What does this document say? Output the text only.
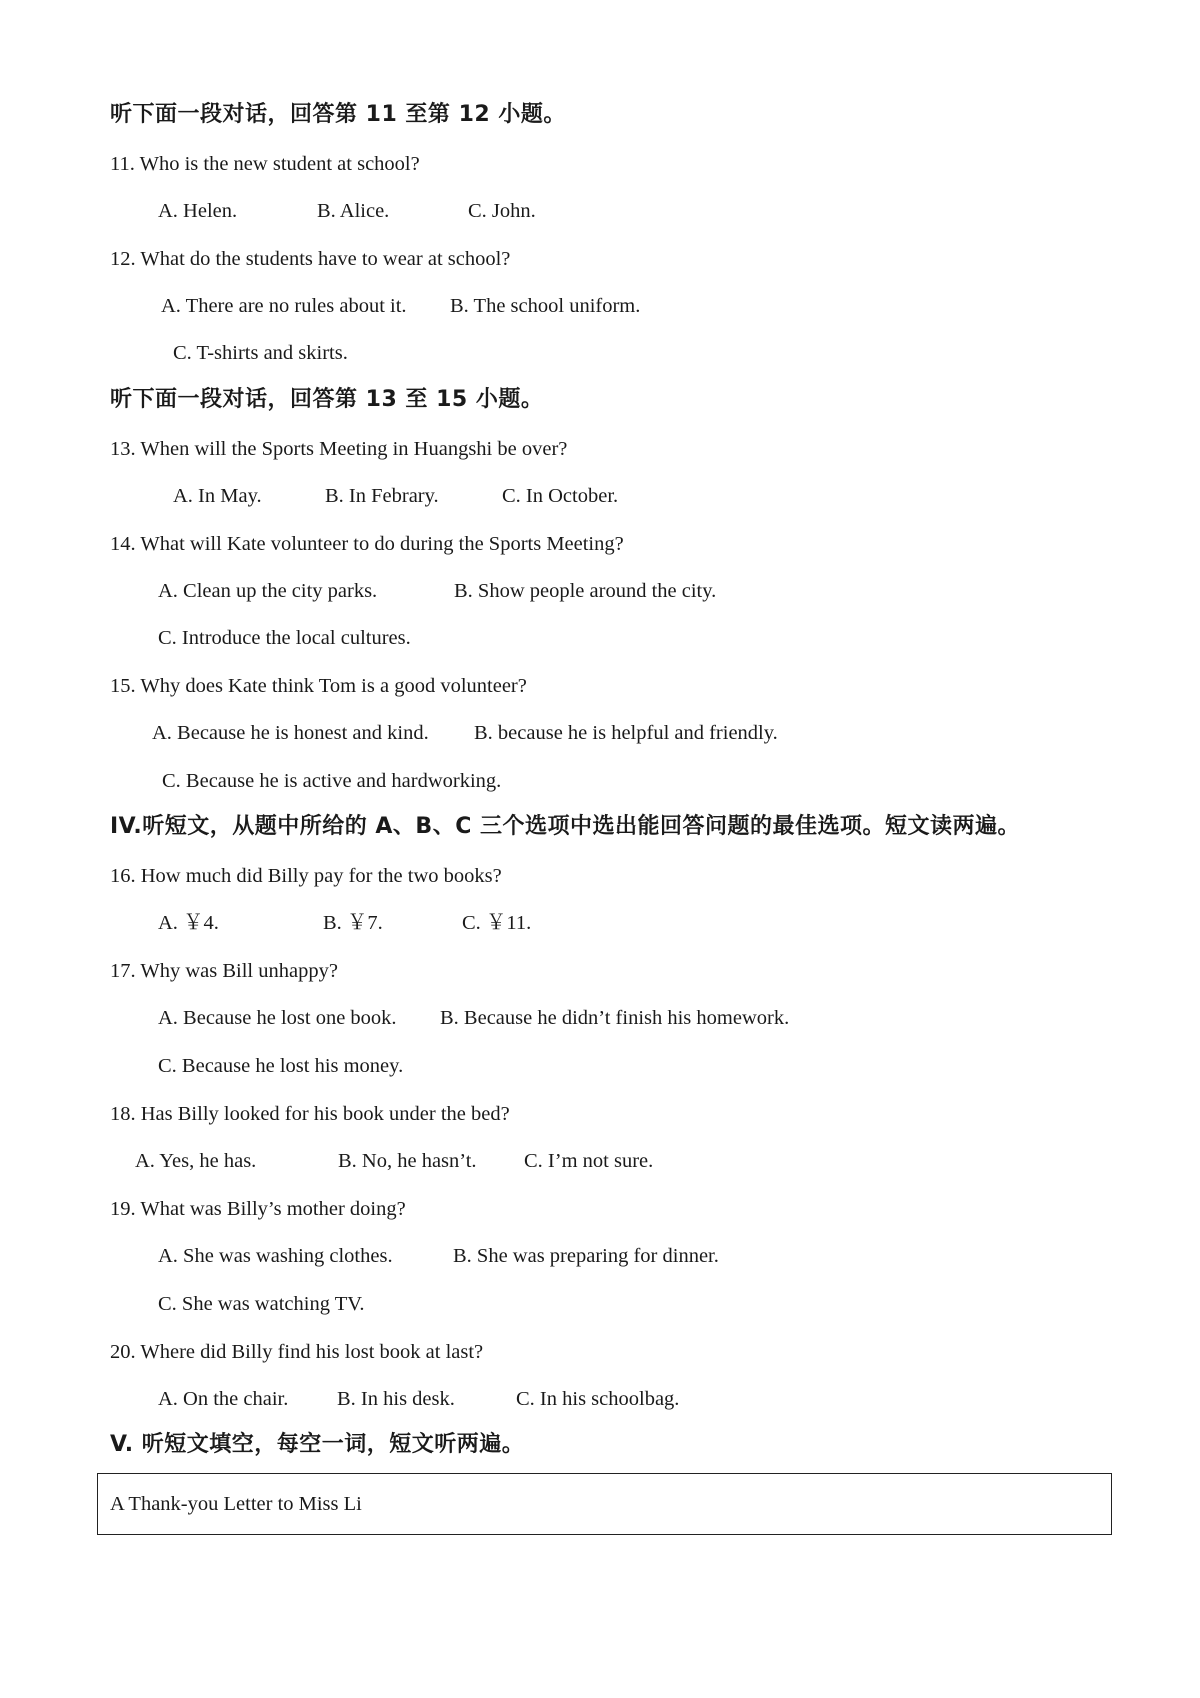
听下面一段对话，回答第 11 至第 12 小题。
11. Who is the new student at school?
A. Helen.	B. Alice.	C. John.
12. What do the students have to wear at school?
A. There are no rules about it. B. The school uniform.
C. T-shirts and skirts.
听下面一段对话，回答第 13 至 15 小题。
13. When will the Sports Meeting in Huangshi be over?
A. In May.	B. In Febrary.	C. In October.
14. What will Kate volunteer to do during the Sports Meeting?
A. Clean up the city parks.	B. Show people around the city.
C. Introduce the local cultures.
15. Why does Kate think Tom is a good volunteer?
A. Because he is honest and kind. B. because he is helpful and friendly.
C. Because he is active and hardworking.
IV.听短文，从题中所给的 A、B、C 三个选项中选出能回答问题的最佳选项。短文读两遍。
16. How much did Billy pay for the two books?
A. ￥4.	B. ￥7.	C. ￥11.
17. Why was Bill unhappy?
A. Because he lost one book. B. Because he didn’t finish his homework.
C. Because he lost his money.
18. Has Billy looked for his book under the bed?
A. Yes, he has.	B. No, he hasn’t. C. I’m not sure.
19. What was Billy’s mother doing?
A. She was washing clothes.	B. She was preparing for dinner.
C. She was watching TV.
20. Where did Billy find his lost book at last?
A. On the chair. B. In his desk.	C. In his schoolbag.
V. 听短文填空，每空一词，短文听两遍。
A Thank-you Letter to Miss Li
